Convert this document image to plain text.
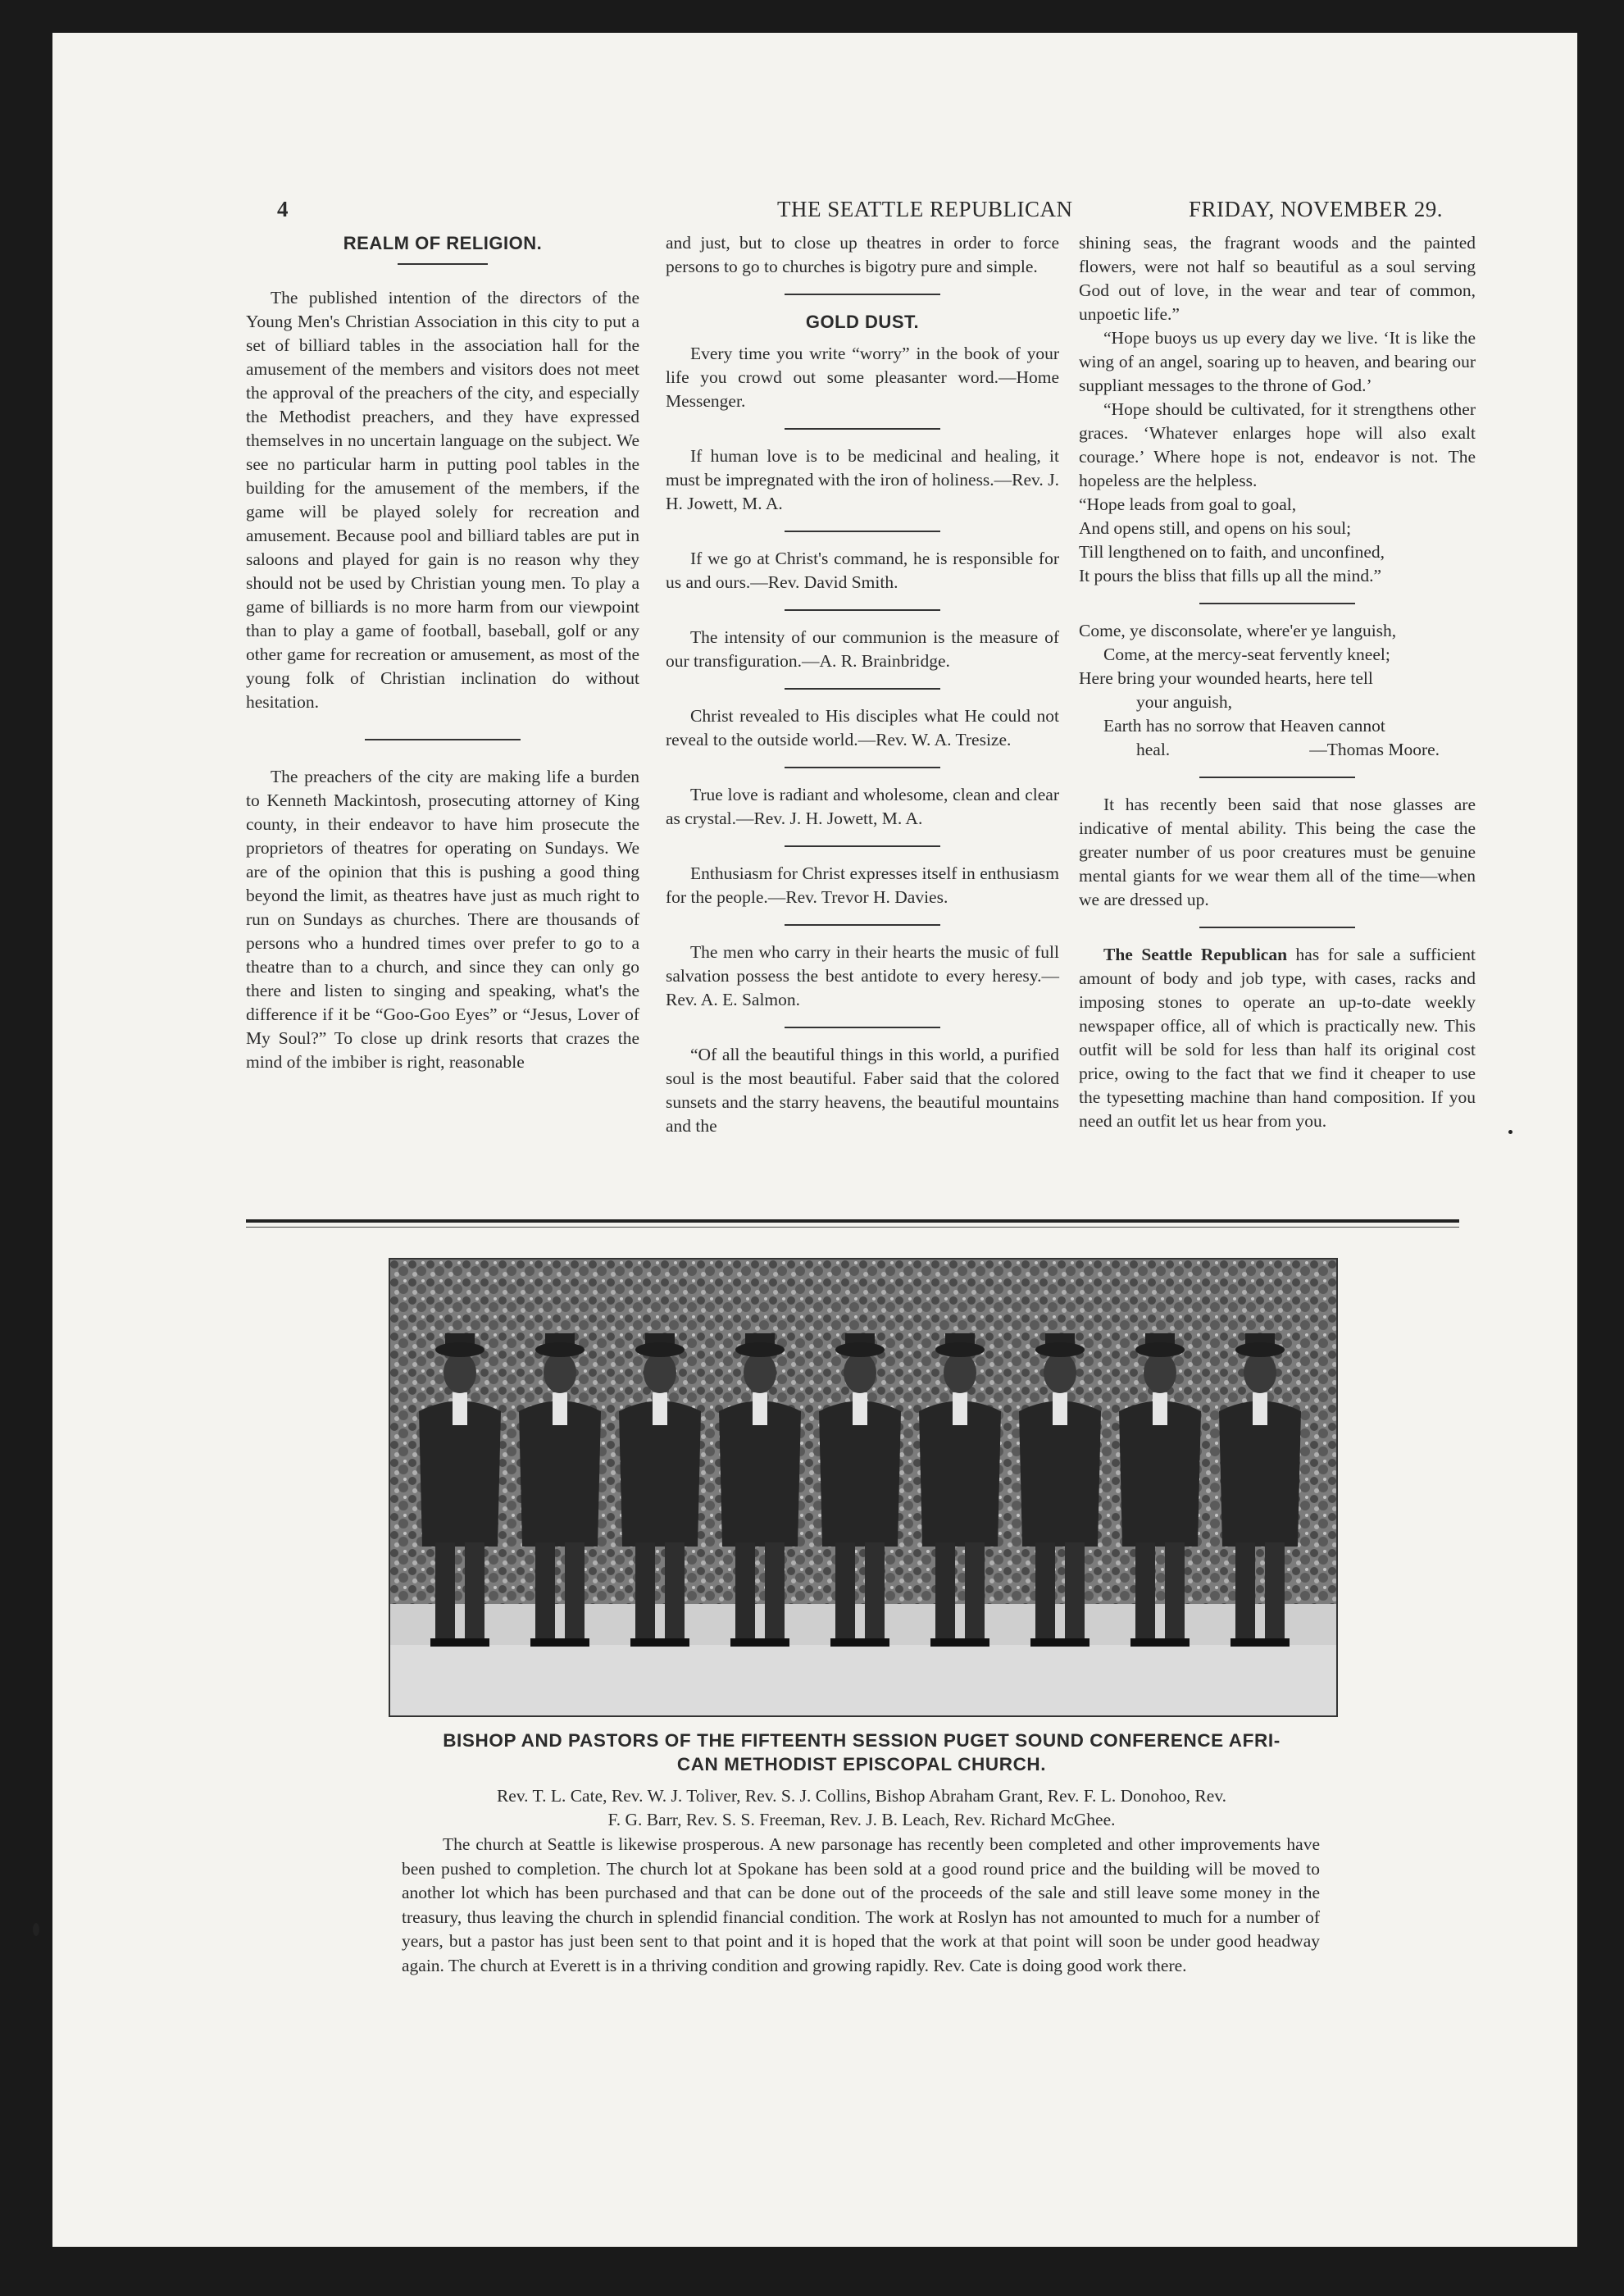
4	THE SEATTLE REPUBLICAN	FRIDAY, NOVEMBER 29.
REALM OF RELIGION.

The published intention of the directors of the Young Men's Christian Association in this city to put a set of billiard tables in the association hall for the amusement of the members and visitors does not meet the approval of the preachers of the city, and especially the Methodist preachers, and they have expressed themselves in no uncertain language on the subject. We see no particular harm in putting pool tables in the building for the amusement of the members, if the game will be played solely for recreation and amusement. Because pool and billiard tables are put in saloons and played for gain is no reason why they should not be used by Christian young men. To play a game of billiards is no more harm from our viewpoint than to play a game of football, baseball, golf or any other game for recreation or amusement, as most of the young folk of Christian inclination do without hesitation.

The preachers of the city are making life a burden to Kenneth Mackintosh, prosecuting attorney of King county, in their endeavor to have him prosecute the proprietors of theatres for operating on Sundays. We are of the opinion that this is pushing a good thing beyond the limit, as theatres have just as much right to run on Sundays as churches. There are thousands of persons who a hundred times over prefer to go to a theatre than to a church, and since they can only go there and listen to singing and speaking, what's the difference if it be “Goo-Goo Eyes” or “Jesus, Lover of My Soul?” To close up drink resorts that crazes the mind of the imbiber is right, reasonable

and just, but to close up theatres in order to force persons to go to churches is bigotry pure and simple.

GOLD DUST.

Every time you write “worry” in the book of your life you crowd out some pleasanter word.—Home Messenger.

If human love is to be medicinal and healing, it must be impregnated with the iron of holiness.—Rev. J. H. Jowett, M. A.

If we go at Christ's command, he is responsible for us and ours.—Rev. David Smith.

The intensity of our communion is the measure of our transfiguration.—A. R. Brainbridge.

Christ revealed to His disciples what He could not reveal to the outside world.—Rev. W. A. Tresize.

True love is radiant and wholesome, clean and clear as crystal.—Rev. J. H. Jowett, M. A.

Enthusiasm for Christ expresses itself in enthusiasm for the people.—Rev. Trevor H. Davies.

The men who carry in their hearts the music of full salvation possess the best antidote to every heresy.—Rev. A. E. Salmon.

“Of all the beautiful things in this world, a purified soul is the most beautiful. Faber said that the colored sunsets and the starry heavens, the beautiful mountains and the

shining seas, the fragrant woods and the painted flowers, were not half so beautiful as a soul serving God out of love, in the wear and tear of common, unpoetic life.”

“Hope buoys us up every day we live. ‘It is like the wing of an angel, soaring up to heaven, and bearing our suppliant messages to the throne of God.’

“Hope should be cultivated, for it strengthens other graces. ‘Whatever enlarges hope will also exalt courage.’ Where hope is not, endeavor is not. The hopeless are the helpless.

“Hope leads from goal to goal,
And opens still, and opens on his soul;
Till lengthened on to faith, and unconfined,
It pours the bliss that fills up all the mind.”
Come, ye disconsolate, where'er ye languish,
Come, at the mercy-seat fervently kneel;
Here bring your wounded hearts, here tell
your anguish,
Earth has no sorrow that Heaven cannot
heal.	—Thomas Moore.

It has recently been said that nose glasses are indicative of mental ability. This being the case the greater number of us poor creatures must be genuine mental giants for we wear them all of the time—when we are dressed up.

The Seattle Republican has for sale a sufficient amount of body and job type, with cases, racks and imposing stones to operate an up-to-date weekly newspaper office, all of which is practically new. This outfit will be sold for less than half its original cost price, owing to the fact that we find it cheaper to use the typesetting machine than hand composition. If you need an outfit let us hear from you.

BISHOP AND PASTORS OF THE FIFTEENTH SESSION PUGET SOUND CONFERENCE AFRI-
CAN METHODIST EPISCOPAL CHURCH.
Rev. T. L. Cate, Rev. W. J. Toliver, Rev. S. J. Collins, Bishop Abraham Grant, Rev. F. L. Donohoo, Rev.
F. G. Barr, Rev. S. S. Freeman, Rev. J. B. Leach, Rev. Richard McGhee.
The church at Seattle is likewise prosperous. A new parsonage has recently been completed and other improvements have been pushed to completion. The church lot at Spokane has been sold at a good round price and the building will be moved to another lot which has been purchased and that can be done out of the proceeds of the sale and still leave some money in the treasury, thus leaving the church in splendid financial condition. The work at Roslyn has not amounted to much for a number of years, but a pastor has just been sent to that point and it is hoped that the work at that point will soon be under good headway again. The church at Everett is in a thriving condition and growing rapidly. Rev. Cate is doing good work there.
